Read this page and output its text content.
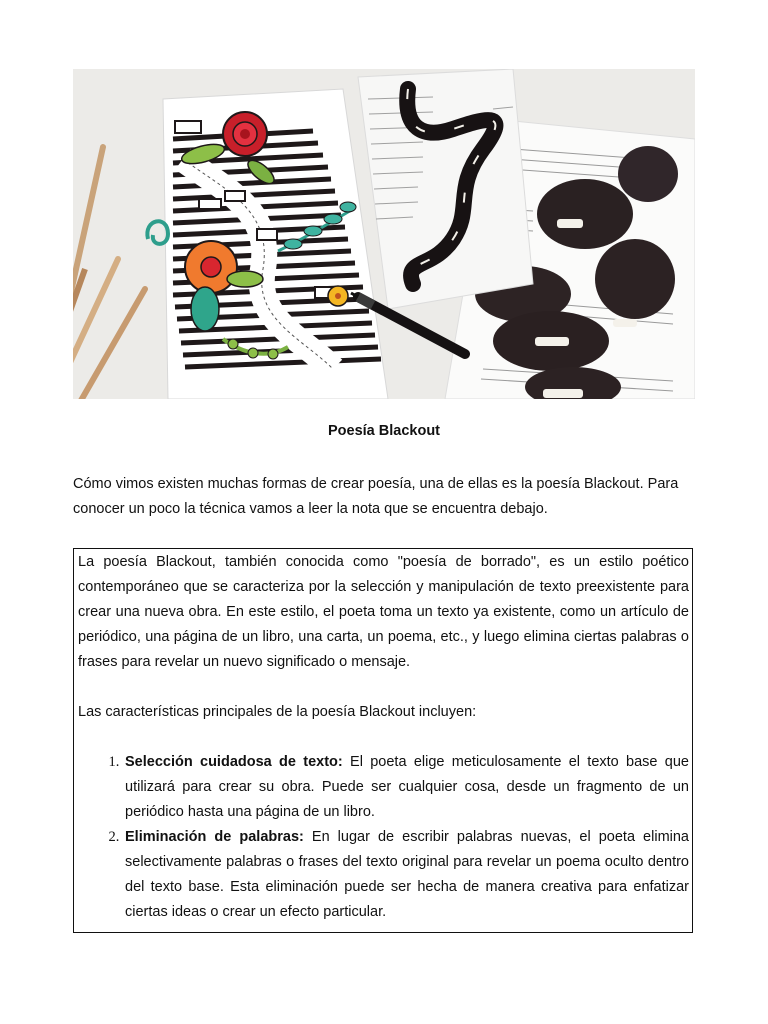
Poesía Blackout

Cómo vimos existen muchas formas de crear poesía, una de ellas es la poesía Blackout. Para conocer un poco la técnica vamos a leer la nota que se encuentra debajo.

La poesía Blackout, también conocida como "poesía de borrado", es un estilo poético contemporáneo que se caracteriza por la selección y manipulación de texto preexistente para crear una nueva obra. En este estilo, el poeta toma un texto ya existente, como un artículo de periódico, una página de un libro, una carta, un poema, etc., y luego elimina ciertas palabras o frases para revelar un nuevo significado o mensaje.

Las características principales de la poesía Blackout incluyen:

1. Selección cuidadosa de texto: El poeta elige meticulosamente el texto base que utilizará para crear su obra. Puede ser cualquier cosa, desde un fragmento de un periódico hasta una página de un libro.
2. Eliminación de palabras: En lugar de escribir palabras nuevas, el poeta elimina selectivamente palabras o frases del texto original para revelar un poema oculto dentro del texto base. Esta eliminación puede ser hecha de manera creativa para enfatizar ciertas ideas o crear un efecto particular.
